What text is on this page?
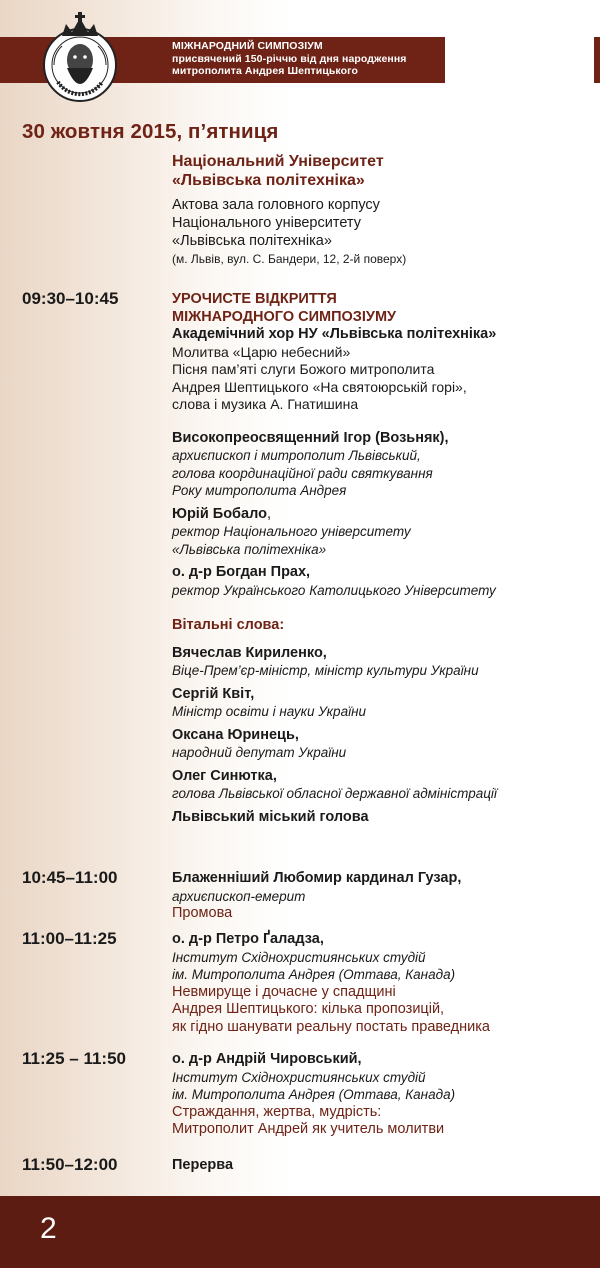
МІЖНАРОДНИЙ СИМПОЗІУМ
присвячений 150-річчю від дня народження
митрополита Андрея Шептицького
30 жовтня 2015, п’ятниця
Національний Університет
«Львівська політехніка»
Актова зала головного корпусу
Національного університету
«Львівська політехніка»
(м. Львів, вул. С. Бандери, 12, 2-й поверх)
09:30–10:45	УРОЧИСТЕ ВІДКРИТТЯ
МІЖНАРОДНОГО СИМПОЗІУМУ
Академічний хор НУ «Львівська політехніка»
Молитва «Царю небесний»
Пісня пам’яті слуги Божого митрополита
Андрея Шептицького «На святоюрській горі»,
слова і музика А. Гнатишина
Високопреосвященний Ігор (Возьняк),
архиєпископ і митрополит Львівський,
голова координаційної ради святкування
Року митрополита Андрея
Юрій Бобало,
ректор Національного університету
«Львівська політехніка»
о. д-р Богдан Прах,
ректор Українського Католицького Університету
Вітальні слова:
Вячеслав Кириленко,
Віце-Прем’єр-міністр, міністр культури України
Сергій Квіт,
Міністр освіти і науки України
Оксана Юринець,
народний депутат України
Олег Синютка,
голова Львівської обласної державної адміністрації
Львівський міський голова
10:45–11:00	Блаженніший Любомир кардинал Гузар,
архиєпископ-емерит
Промова
11:00–11:25	о. д-р Петро Ґаладза,
Інститут Східнохристиянських студій
ім. Митрополита Андрея (Оттава, Канада)
Невмируще і дочасне у спадщині
Андрея Шептицького: кілька пропозицій,
як гідно шанувати реальну постать праведника
11:25 – 11:50	о. д-р Андрій Чировський,
Інститут Східнохристиянських студій
ім. Митрополита Андрея (Оттава, Канада)
Страждання, жертва, мудрість:
Митрополит Андрей як учитель молитви
11:50–12:00	Перерва
2
